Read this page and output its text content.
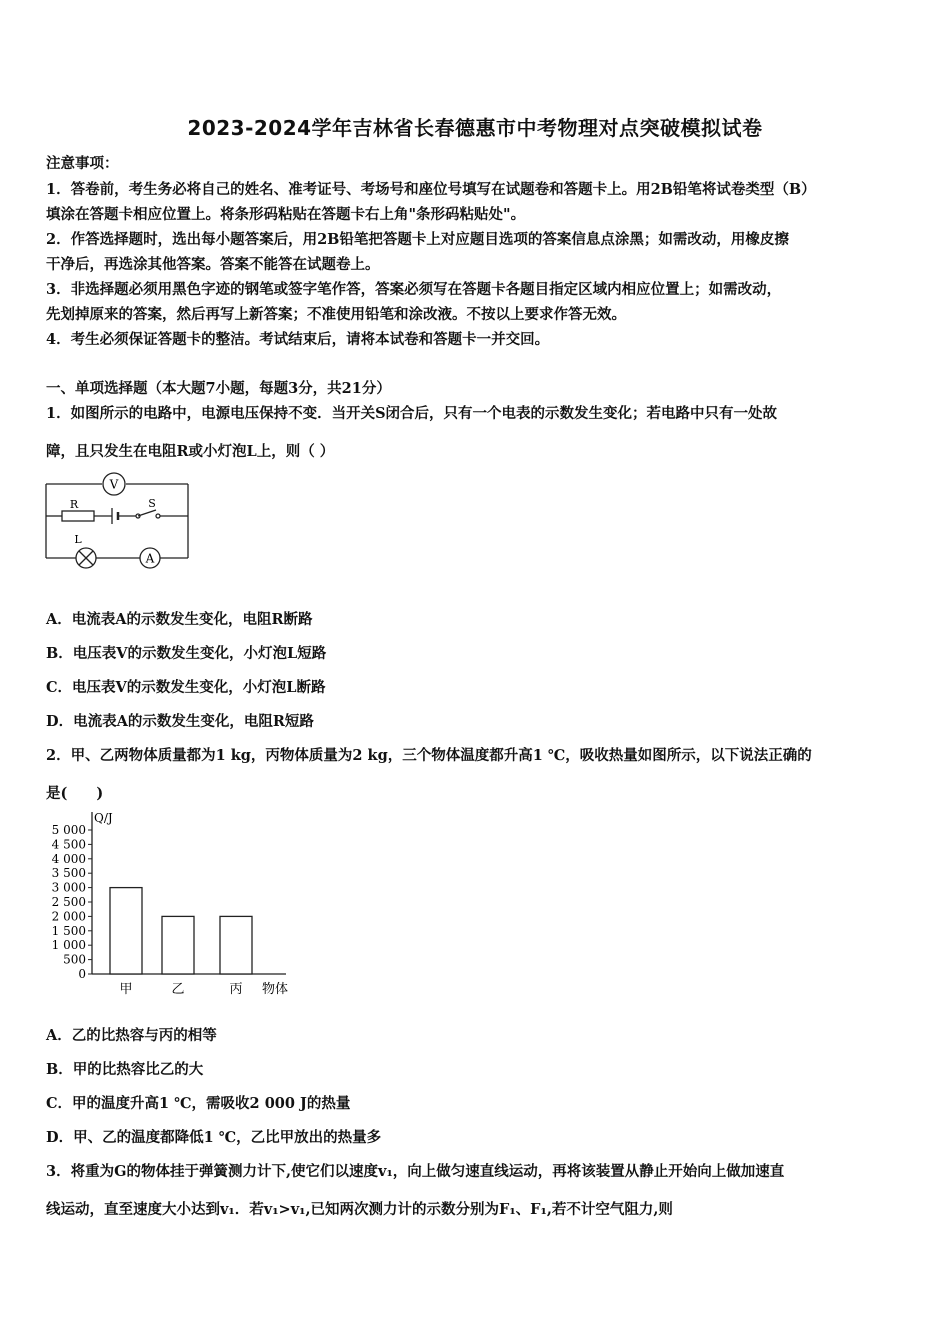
2023-2024学年吉林省长春德惠市中考物理对点突破模拟试卷
注意事项：
1．答卷前，考生务必将自己的姓名、准考证号、考场号和座位号填写在试题卷和答题卡上。用2B铅笔将试卷类型（B）
填涂在答题卡相应位置上。将条形码粘贴在答题卡右上角"条形码粘贴处"。
2．作答选择题时，选出每小题答案后，用2B铅笔把答题卡上对应题目选项的答案信息点涂黑；如需改动，用橡皮擦
干净后，再选涂其他答案。答案不能答在试题卷上。
3．非选择题必须用黑色字迹的钢笔或签字笔作答，答案必须写在答题卡各题目指定区域内相应位置上；如需改动，
先划掉原来的答案，然后再写上新答案；不准使用铅笔和涂改液。不按以上要求作答无效。
4．考生必须保证答题卡的整洁。考试结束后，请将本试卷和答题卡一并交回。
一、单项选择题（本大题7小题，每题3分，共21分）
1．如图所示的电路中，电源电压保持不变．当开关S闭合后，只有一个电表的示数发生变化；若电路中只有一处故
障，且只发生在电阻R或小灯泡L上，则（ ）
V
A
R
L
S
A．电流表A的示数发生变化，电阻R断路
B．电压表V的示数发生变化，小灯泡L短路
C．电压表V的示数发生变化，小灯泡L断路
D．电流表A的示数发生变化，电阻R短路
2．甲、乙两物体质量都为1 kg，丙物体质量为2 kg，三个物体温度都升高1 ℃，吸收热量如图所示，以下说法正确的
是(　　)
Q/J
物体
5 000
4 500
4 000
3 500
3 000
2 500
2 000
1 500
1 000
500
0
甲	乙	丙
A．乙的比热容与丙的相等
B．甲的比热容比乙的大
C．甲的温度升高1 ℃，需吸收2 000 J的热量
D．甲、乙的温度都降低1 ℃，乙比甲放出的热量多
3．将重为G的物体挂于弹簧测力计下,使它们以速度v₁，向上做匀速直线运动，再将该装置从静止开始向上做加速直
线运动，直至速度大小达到v₁．若v₁>v₁,已知两次测力计的示数分别为F₁、F₁,若不计空气阻力,则
